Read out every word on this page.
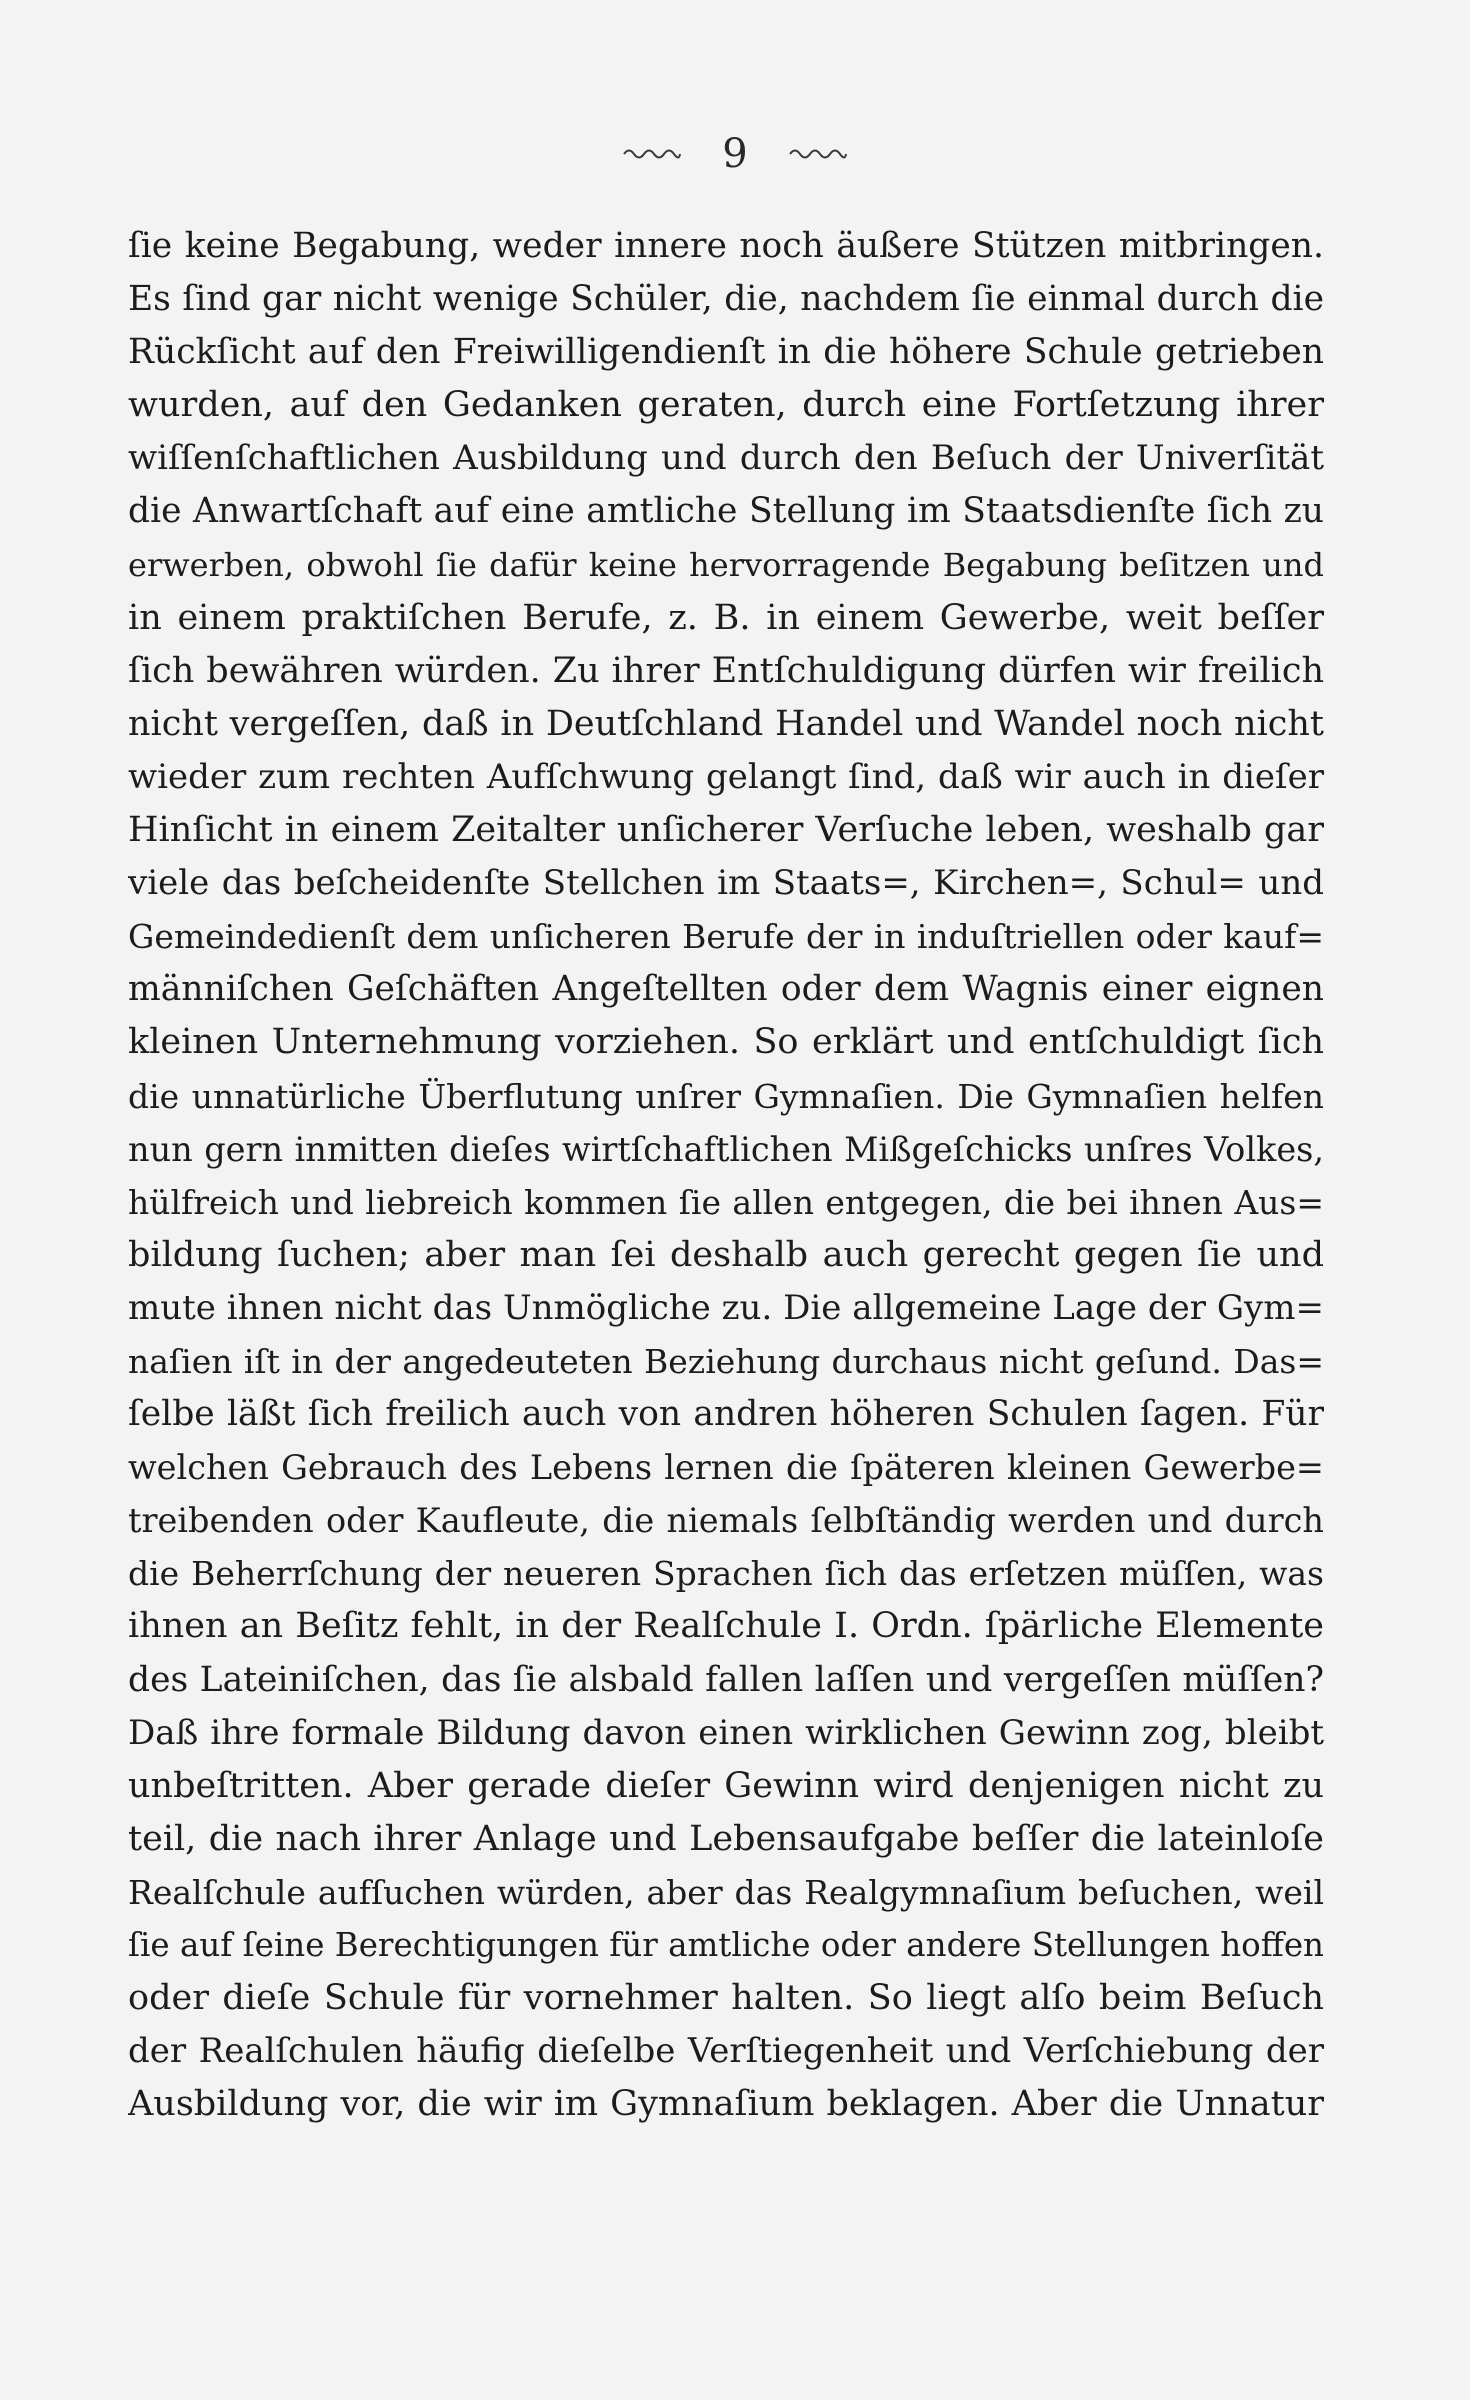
9
ſie keine Begabung, weder innere noch äußere Stützen mitbringen.
Es ſind gar nicht wenige Schüler, die, nachdem ſie einmal durch die
Rückſicht auf den Freiwilligendienſt in die höhere Schule getrieben
wurden, auf den Gedanken geraten, durch eine Fortſetzung ihrer
wiſſenſchaftlichen Ausbildung und durch den Beſuch der Univerſität
die Anwartſchaft auf eine amtliche Stellung im Staatsdienſte ſich zu
erwerben, obwohl ſie dafür keine hervorragende Begabung beſitzen und
in einem praktiſchen Berufe, z. B. in einem Gewerbe, weit beſſer
ſich bewähren würden. Zu ihrer Entſchuldigung dürfen wir freilich
nicht vergeſſen, daß in Deutſchland Handel und Wandel noch nicht
wieder zum rechten Aufſchwung gelangt ſind, daß wir auch in dieſer
Hinſicht in einem Zeitalter unſicherer Verſuche leben, weshalb gar
viele das beſcheidenſte Stellchen im Staats=, Kirchen=, Schul= und
Gemeindedienſt dem unſicheren Berufe der in induſtriellen oder kauf=
männiſchen Geſchäften Angeſtellten oder dem Wagnis einer eignen
kleinen Unternehmung vorziehen. So erklärt und entſchuldigt ſich
die unnatürliche Überflutung unſrer Gymnaſien. Die Gymnaſien helfen
nun gern inmitten dieſes wirtſchaftlichen Mißgeſchicks unſres Volkes,
hülfreich und liebreich kommen ſie allen entgegen, die bei ihnen Aus=
bildung ſuchen; aber man ſei deshalb auch gerecht gegen ſie und
mute ihnen nicht das Unmögliche zu. Die allgemeine Lage der Gym=
naſien iſt in der angedeuteten Beziehung durchaus nicht geſund. Das=
ſelbe läßt ſich freilich auch von andren höheren Schulen ſagen. Für
welchen Gebrauch des Lebens lernen die ſpäteren kleinen Gewerbe=
treibenden oder Kaufleute, die niemals ſelbſtändig werden und durch
die Beherrſchung der neueren Sprachen ſich das erſetzen müſſen, was
ihnen an Beſitz fehlt, in der Realſchule I. Ordn. ſpärliche Elemente
des Lateiniſchen, das ſie alsbald fallen laſſen und vergeſſen müſſen?
Daß ihre formale Bildung davon einen wirklichen Gewinn zog, bleibt
unbeſtritten. Aber gerade dieſer Gewinn wird denjenigen nicht zu
teil, die nach ihrer Anlage und Lebensaufgabe beſſer die lateinloſe
Realſchule aufſuchen würden, aber das Realgymnaſium beſuchen, weil
ſie auf ſeine Berechtigungen für amtliche oder andere Stellungen hoffen
oder dieſe Schule für vornehmer halten. So liegt alſo beim Beſuch
der Realſchulen häufig dieſelbe Verſtiegenheit und Verſchiebung der
Ausbildung vor, die wir im Gymnaſium beklagen. Aber die Unnatur
